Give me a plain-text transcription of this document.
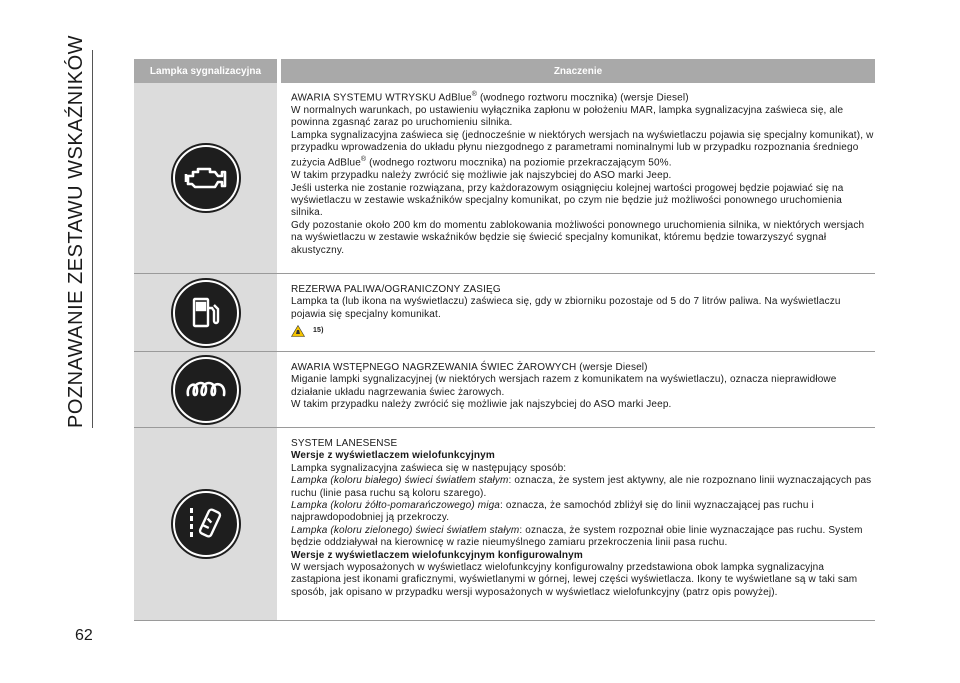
POZNAWANIE ZESTAWU WSKAŹNIKÓW	Lampka sygnalizacyjna	Znaczenie

AWARIA SYSTEMU WTRYSKU AdBlue® (wodnego roztworu mocznika) (wersje Diesel)

W normalnych warunkach, po ustawieniu wyłącznika zapłonu w położeniu MAR, lampka sygnalizacyjna zaświeca się, ale powinna zgasnąć zaraz po uruchomieniu silnika.

Lampka sygnalizacyjna zaświeca się (jednocześnie w niektórych wersjach na wyświetlaczu pojawia się specjalny komunikat), w przypadku wprowadzenia do układu płynu niezgodnego z parametrami nominalnymi lub w przypadku rozpoznania średniego zużycia AdBlue® (wodnego roztworu mocznika) na poziomie przekraczającym 50%.

W takim przypadku należy zwrócić się możliwie jak najszybciej do ASO marki Jeep.

Jeśli usterka nie zostanie rozwiązana, przy każdorazowym osiągnięciu kolejnej wartości progowej będzie pojawiać się na wyświetlaczu w zestawie wskaźników specjalny komunikat, po czym nie będzie już możliwości ponownego uruchomienia silnika.

Gdy pozostanie około 200 km do momentu zablokowania możliwości ponownego uruchomienia silnika, w niektórych wersjach na wyświetlaczu w zestawie wskaźników będzie się świecić specjalny komunikat, któremu będzie towarzyszyć sygnał akustyczny.

REZERWA PALIWA/OGRANICZONY ZASIĘG

Lampka ta (lub ikona na wyświetlaczu) zaświeca się, gdy w zbiorniku pozostaje od 5 do 7 litrów paliwa. Na wyświetlaczu pojawia się specjalny komunikat.

15)

AWARIA WSTĘPNEGO NAGRZEWANIA ŚWIEC ŻAROWYCH (wersje Diesel)

Miganie lampki sygnalizacyjnej (w niektórych wersjach razem z komunikatem na wyświetlaczu), oznacza nieprawidłowe działanie układu nagrzewania świec żarowych.

W takim przypadku należy zwrócić się możliwie jak najszybciej do ASO marki Jeep.

SYSTEM LANESENSE

Wersje z wyświetlaczem wielofunkcyjnym

Lampka sygnalizacyjna zaświeca się w następujący sposób:

Lampka (koloru białego) świeci światłem stałym: oznacza, że system jest aktywny, ale nie rozpoznano linii wyznaczających pas ruchu (linie pasa ruchu są koloru szarego).

Lampka (koloru żółto-pomarańczowego) miga: oznacza, że samochód zbliżył się do linii wyznaczającej pas ruchu i najprawdopodobniej ją przekroczy.

Lampka (koloru zielonego) świeci światłem stałym: oznacza, że system rozpoznał obie linie wyznaczające pas ruchu. System będzie oddziaływał na kierownicę w razie nieumyślnego zamiaru przekroczenia linii pasa ruchu.

Wersje z wyświetlaczem wielofunkcyjnym konfigurowalnym

W wersjach wyposażonych w wyświetlacz wielofunkcyjny konfigurowalny przedstawiona obok lampka sygnalizacyjna zastąpiona jest ikonami graficznymi, wyświetlanymi w górnej, lewej części wyświetlacza. Ikony te wyświetlane są w taki sam sposób, jak opisano w przypadku wersji wyposażonych w wyświetlacz wielofunkcyjny (patrz opis powyżej).

62
